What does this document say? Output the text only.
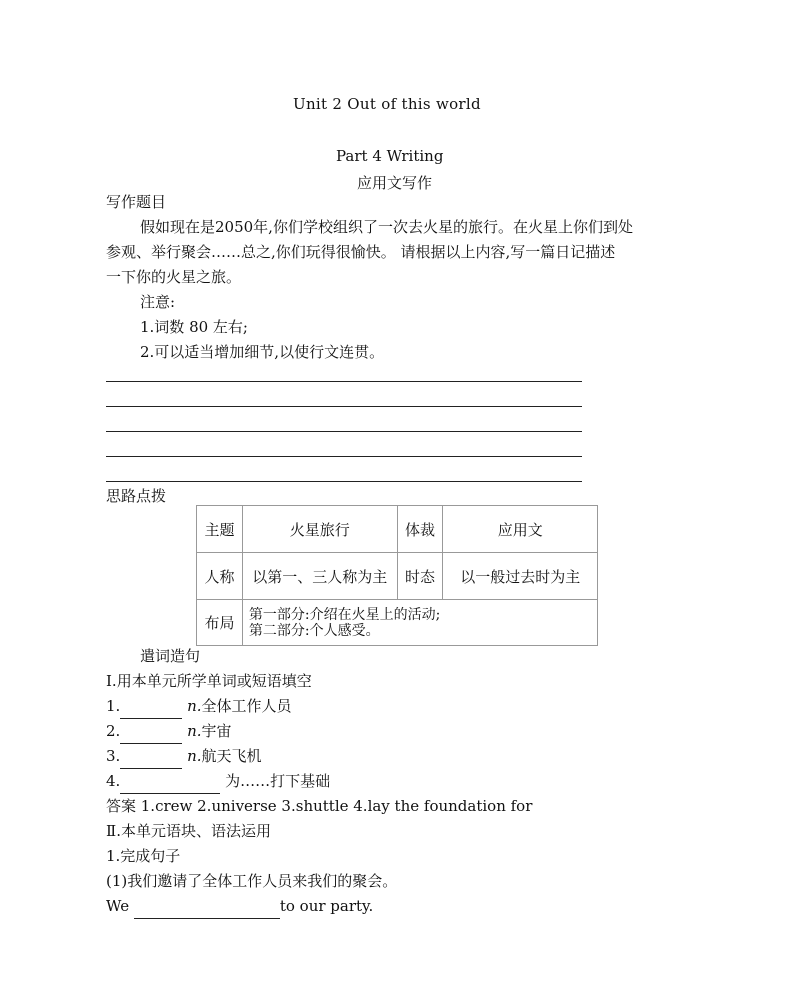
Unit 2 Out of this world
Part 4 Writing
应用文写作
写作题目
假如现在是2050年,你们学校组织了一次去火星的旅行。在火星上你们到处
参观、举行聚会……总之,你们玩得很愉快。 请根据以上内容,写一篇日记描述
一下你的火星之旅。
注意:
1.词数 80 左右;
2.可以适当增加细节,以使行文连贯。
思路点拨
主题	火星旅行	体裁	应用文
人称	以第一、三人称为主	时态	以一般过去时为主
布局	第一部分:介绍在火星上的活动;
第二部分:个人感受。		
遣词造句
Ⅰ.用本单元所学单词或短语填空
1.	n.全体工作人员
2.	n.宇宙
3.	n.航天飞机
4.	为……打下基础
答案 1.crew 2.universe 3.shuttle 4.lay the foundation for
Ⅱ.本单元语块、语法运用
1.完成句子
(1)我们邀请了全体工作人员来我们的聚会。
We	to our party.
